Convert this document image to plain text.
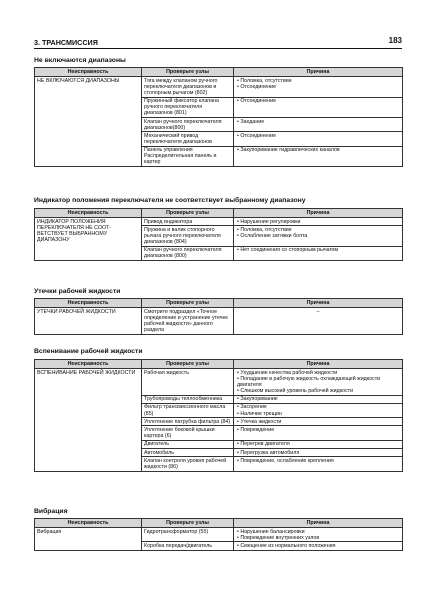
3. ТРАНСМИССИЯ	183
Не включаются диапазоны
Неисправность	Проверьте узлы	Причина
НЕ ВКЛЮЧАЮТСЯ ДИАПАЗОНЫ	Тяга между клапаном ручного переключателя диапазонов и стопорным рычагом (802)	• Поломка, отсутствие
• Отсоединение

	Пружинный фиксатор клапана ручного переключателя диапазонов (801)	• Отсоединение

	Клапан ручного переключателя диапазонов(800)	• Заедание

	Механический привод переключателя диапазонов	• Отсоединение

	Панель управления Распределительная панель и картер	• Закупоривание гидравлических каналов
Индикатор положения переключателя не соответствует выбранному диапазону
Неисправность	Проверьте узлы	Причина
ИНДИКАТОР ПОЛОЖЕНИЯ ПЕРЕКЛЮЧАТЕЛЯ НЕ СООТ-ВЕТСТВУЕТ ВЫБРАННОМУ ДИАПАЗОНУ	Привод индикатора	• Нарушение регулировки

	Пружина и валик стопорного рычага ручного переключателя диапазонов (804)	• Поломка, отсутствие
• Ослабление затяжки болта

	Клапан ручного переключателя диапазонов (800)	• Нет соединения со стопорным рычагом
Утечки рабочей жидкости
Неисправность	Проверьте узлы	Причина
УТЕЧКИ РАБОЧЕЙ ЖИДКОСТИ	Смотрите подраздел «Точное определение и устранение утечек рабочей жидкости» данного раздела	–
Вспенивание рабочей жидкости
Неисправность	Проверьте узлы	Причина
ВСПЕНИВАНИЕ РАБОЧЕЙ ЖИДКОСТИ	Рабочая жидкость	• Ухудшение качества рабочей жидкости
• Попадание в рабочую жидкость охлаждающей жидкости двигателя
• Слишком высокий уровень рабочей жидкости

	Трубопроводы теплообменника	• Закупоривание

	Фильтр трансмиссионного масла (85)	• Засорение
• Наличие трещин

	Уплотнение патрубка фильтра (84)	• Утечка жидкости

	Уплотнение боковой крышки картера (6)	• Повреждение

	Двигатель	• Перегрев двигателя

	Автомобиль	• Перегрузка автомобиля

	Клапан контроля уровня рабочей жидкости (86)	• Повреждение, ослабление крепления
Вибрация
Неисправность	Проверьте узлы	Причина
Вибрация	Гидротрансформатор (55)	• Нарушение балансировки
• Повреждение внутренних узлов

	Коробка передач/двигатель	• Смещение из нормального положения
